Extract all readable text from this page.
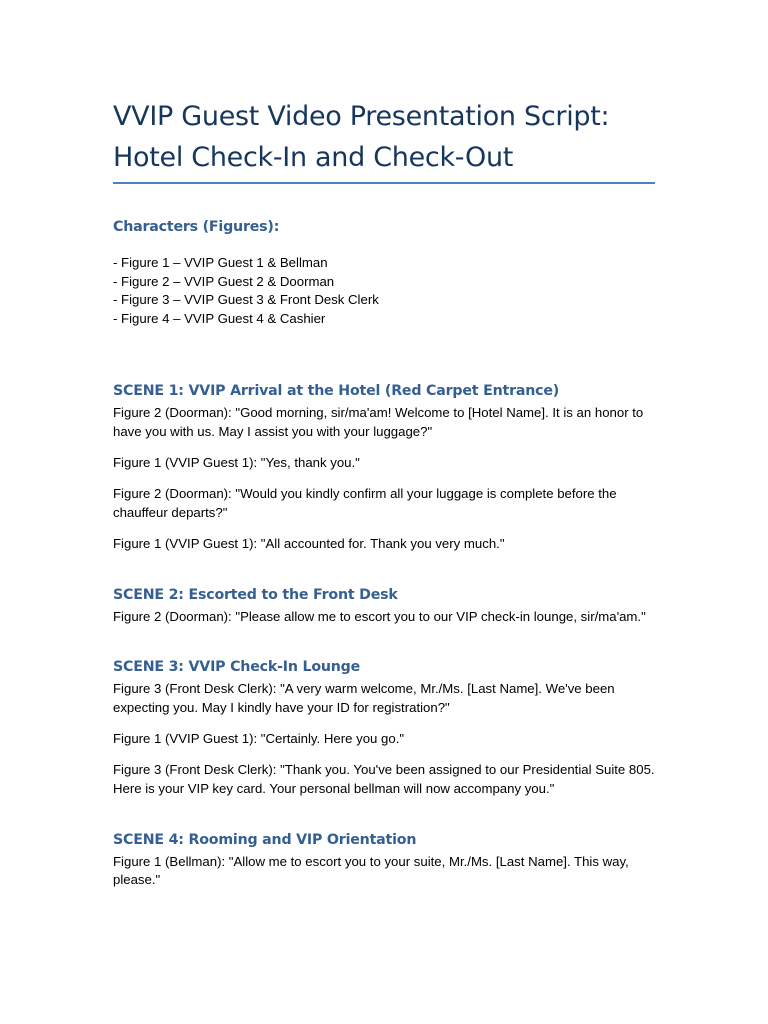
VVIP Guest Video Presentation Script: Hotel Check-In and Check-Out
Characters (Figures):
- Figure 1 – VVIP Guest 1 & Bellman
- Figure 2 – VVIP Guest 2 & Doorman
- Figure 3 – VVIP Guest 3 & Front Desk Clerk
- Figure 4 – VVIP Guest 4 & Cashier
SCENE 1: VVIP Arrival at the Hotel (Red Carpet Entrance)

Figure 2 (Doorman): "Good morning, sir/ma'am! Welcome to [Hotel Name]. It is an honor to have you with us. May I assist you with your luggage?"

Figure 1 (VVIP Guest 1): "Yes, thank you."

Figure 2 (Doorman): "Would you kindly confirm all your luggage is complete before the chauffeur departs?"

Figure 1 (VVIP Guest 1): "All accounted for. Thank you very much."

SCENE 2: Escorted to the Front Desk

Figure 2 (Doorman): "Please allow me to escort you to our VIP check-in lounge, sir/ma'am."

SCENE 3: VVIP Check-In Lounge

Figure 3 (Front Desk Clerk): "A very warm welcome, Mr./Ms. [Last Name]. We've been expecting you. May I kindly have your ID for registration?"

Figure 1 (VVIP Guest 1): "Certainly. Here you go."

Figure 3 (Front Desk Clerk): "Thank you. You've been assigned to our Presidential Suite 805. Here is your VIP key card. Your personal bellman will now accompany you."

SCENE 4: Rooming and VIP Orientation

Figure 1 (Bellman): "Allow me to escort you to your suite, Mr./Ms. [Last Name]. This way, please."
